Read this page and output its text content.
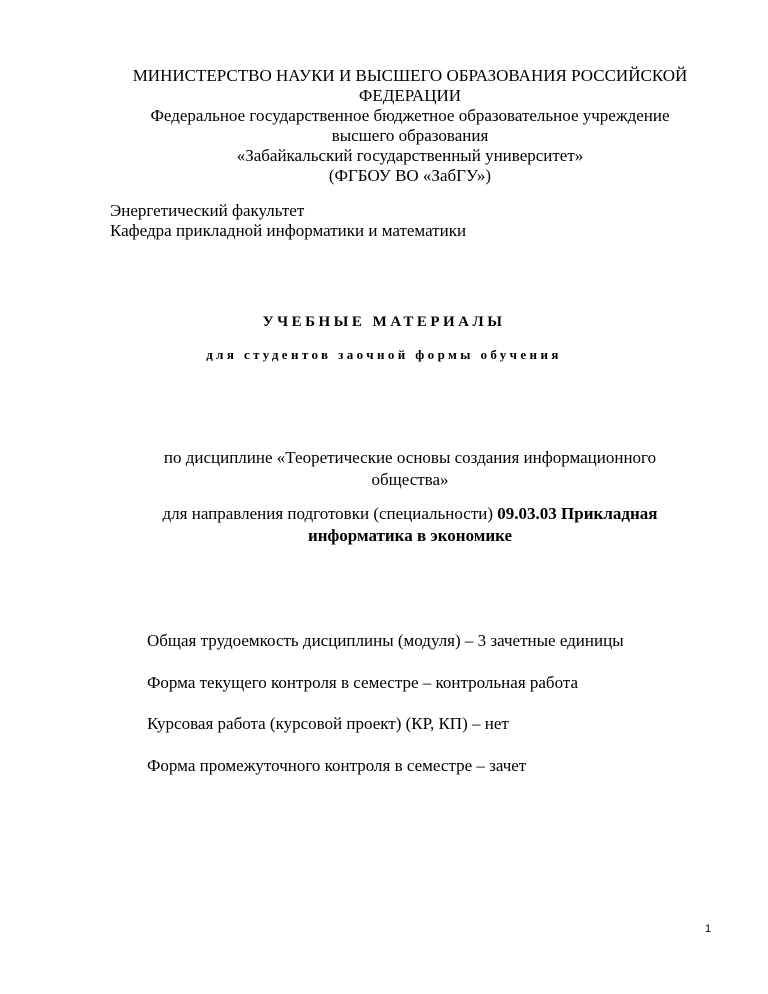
МИНИСТЕРСТВО НАУКИ И ВЫСШЕГО ОБРАЗОВАНИЯ РОССИЙСКОЙ
ФЕДЕРАЦИИ
Федеральное государственное бюджетное образовательное учреждение
высшего образования
«Забайкальский государственный университет»
(ФГБОУ ВО «ЗабГУ»)
Энергетический факультет
Кафедра прикладной информатики и математики
УЧЕБНЫЕ МАТЕРИАЛЫ
для студентов заочной формы обучения
по дисциплине «Теоретические основы создания информационного
общества»
для направления подготовки (специальности) 09.03.03 Прикладная
информатика в экономике
Общая трудоемкость дисциплины (модуля) – 3 зачетные единицы
Форма текущего контроля в семестре – контрольная работа
Курсовая работа (курсовой проект) (КР, КП) – нет
Форма промежуточного контроля в семестре – зачет
1
